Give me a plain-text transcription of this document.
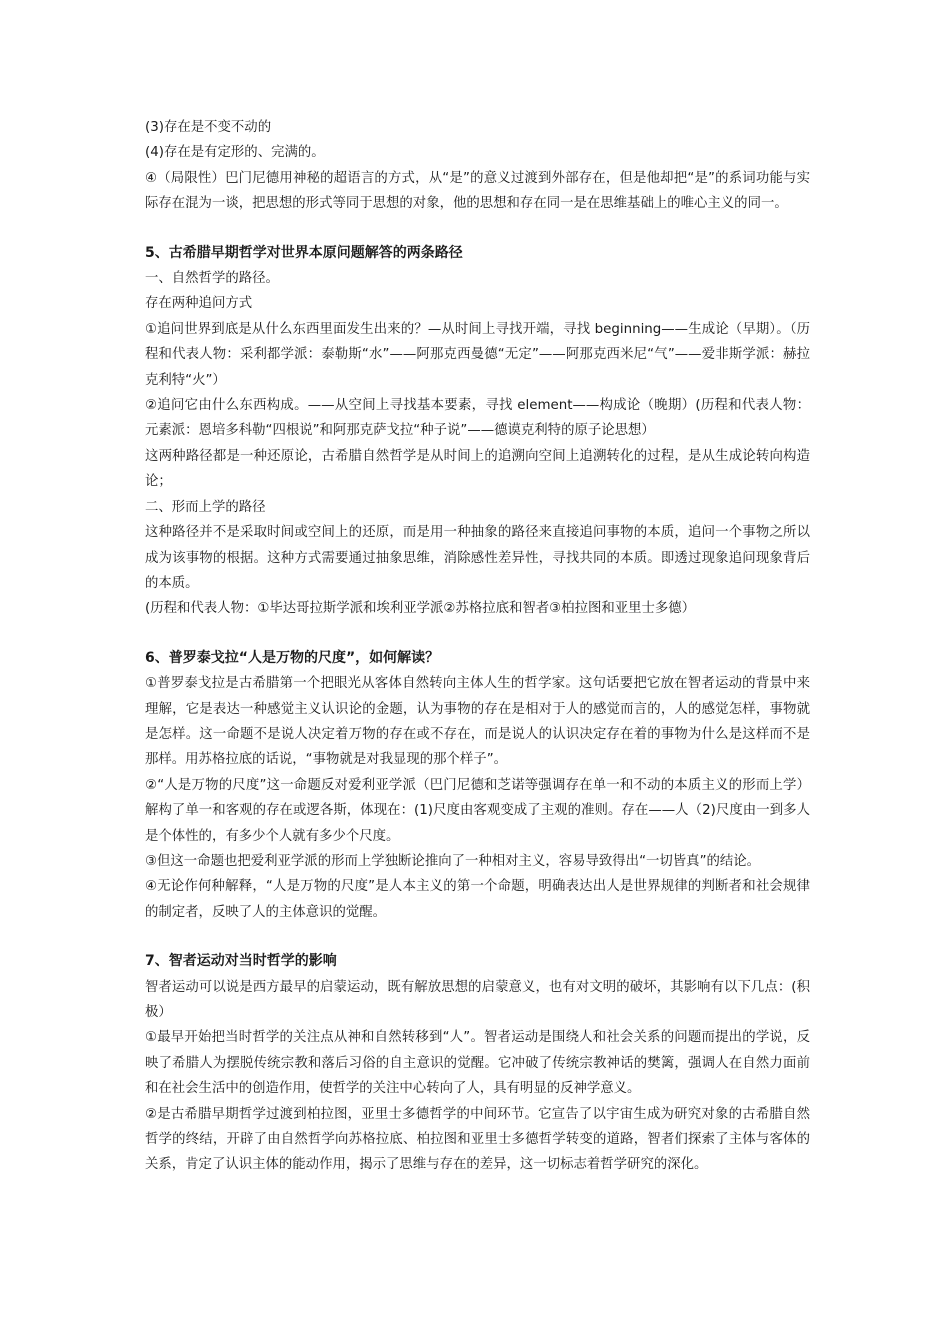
(3)存在是不变不动的

(4)存在是有定形的、完满的。

④（局限性）巴门尼德用神秘的超语言的方式，从“是”的意义过渡到外部存在，但是他却把“是”的系词功能与实际存在混为一谈，把思想的形式等同于思想的对象，他的思想和存在同一是在思维基础上的唯心主义的同一。

5、古希腊早期哲学对世界本原问题解答的两条路径

一、自然哲学的路径。

存在两种追问方式

①追问世界到底是从什么东西里面发生出来的？—从时间上寻找开端，寻找 beginning——生成论（早期）。（历程和代表人物：采利都学派：泰勒斯“水”——阿那克西曼德“无定”——阿那克西米尼“气”——爱非斯学派：赫拉克利特“火”）

②追问它由什么东西构成。——从空间上寻找基本要素，寻找 element——构成论（晚期）(历程和代表人物：元素派：恩培多科勒“四根说”和阿那克萨戈拉“种子说”——德谟克利特的原子论思想）

这两种路径都是一种还原论，古希腊自然哲学是从时间上的追溯向空间上追溯转化的过程，是从生成论转向构造论；

二、形而上学的路径

这种路径并不是采取时间或空间上的还原，而是用一种抽象的路径来直接追问事物的本质，追问一个事物之所以成为该事物的根据。这种方式需要通过抽象思维，消除感性差异性，寻找共同的本质。即透过现象追问现象背后的本质。

(历程和代表人物：①毕达哥拉斯学派和埃利亚学派②苏格拉底和智者③柏拉图和亚里士多德）

6、普罗泰戈拉“人是万物的尺度”，如何解读？

①普罗泰戈拉是古希腊第一个把眼光从客体自然转向主体人生的哲学家。这句话要把它放在智者运动的背景中来理解，它是表达一种感觉主义认识论的金题，认为事物的存在是相对于人的感觉而言的，人的感觉怎样，事物就是怎样。这一命题不是说人决定着万物的存在或不存在，而是说人的认识决定存在着的事物为什么是这样而不是那样。用苏格拉底的话说，“事物就是对我显现的那个样子”。

②“人是万物的尺度”这一命题反对爱利亚学派（巴门尼德和芝诺等强调存在单一和不动的本质主义的形而上学）解构了单一和客观的存在或逻各斯，体现在：(1)尺度由客观变成了主观的准则。存在——人（2)尺度由一到多人是个体性的，有多少个人就有多少个尺度。

③但这一命题也把爱利亚学派的形而上学独断论推向了一种相对主义，容易导致得出“一切皆真”的结论。

④无论作何种解释，“人是万物的尺度”是人本主义的第一个命题，明确表达出人是世界规律的判断者和社会规律的制定者，反映了人的主体意识的觉醒。

7、智者运动对当时哲学的影响

智者运动可以说是西方最早的启蒙运动，既有解放思想的启蒙意义，也有对文明的破坏，其影响有以下几点：(积极）

①最早开始把当时哲学的关注点从神和自然转移到“人”。智者运动是围绕人和社会关系的问题而提出的学说，反映了希腊人为摆脱传统宗教和落后习俗的自主意识的觉醒。它冲破了传统宗教神话的樊篱，强调人在自然力面前和在社会生活中的创造作用，使哲学的关注中心转向了人，具有明显的反神学意义。

②是古希腊早期哲学过渡到柏拉图，亚里士多德哲学的中间环节。它宣告了以宇宙生成为研究对象的古希腊自然哲学的终结，开辟了由自然哲学向苏格拉底、柏拉图和亚里士多德哲学转变的道路，智者们探索了主体与客体的关系，肯定了认识主体的能动作用，揭示了思维与存在的差异，这一切标志着哲学研究的深化。
